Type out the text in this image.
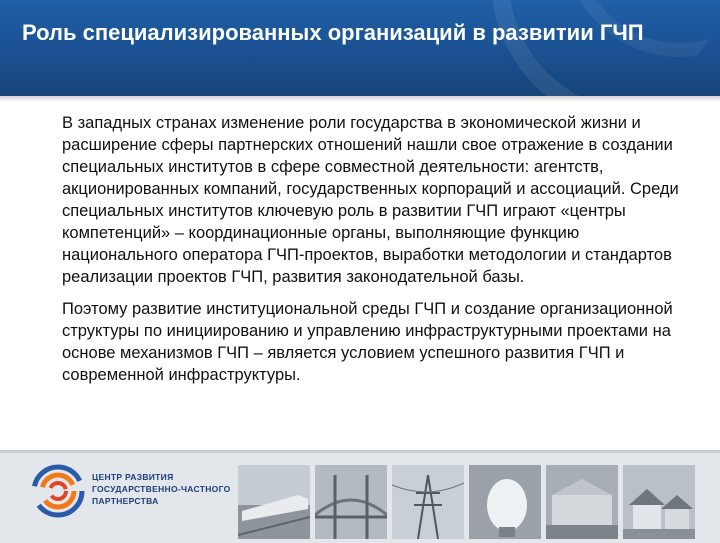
Роль специализированных организаций в развитии ГЧП

В западных странах изменение роли государства в экономической жизни и расширение сферы партнерских отношений нашли свое отражение в создании специальных институтов в сфере совместной деятельности: агентств, акционированных компаний, государственных корпораций и ассоциаций. Среди специальных институтов ключевую роль в развитии ГЧП играют «центры компетенций» – координационные органы, выполняющие функцию национального оператора ГЧП-проектов, выработки методологии и стандартов реализации проектов ГЧП, развития законодательной базы.

Поэтому развитие институциональной среды ГЧП и создание организационной структуры по инициированию и управлению инфраструктурными проектами на основе механизмов ГЧП – является условием успешного развития ГЧП и современной инфраструктуры.

ЦЕНТР РАЗВИТИЯ
ГОСУДАРСТВЕННО-ЧАСТНОГО
ПАРТНЕРСТВА
